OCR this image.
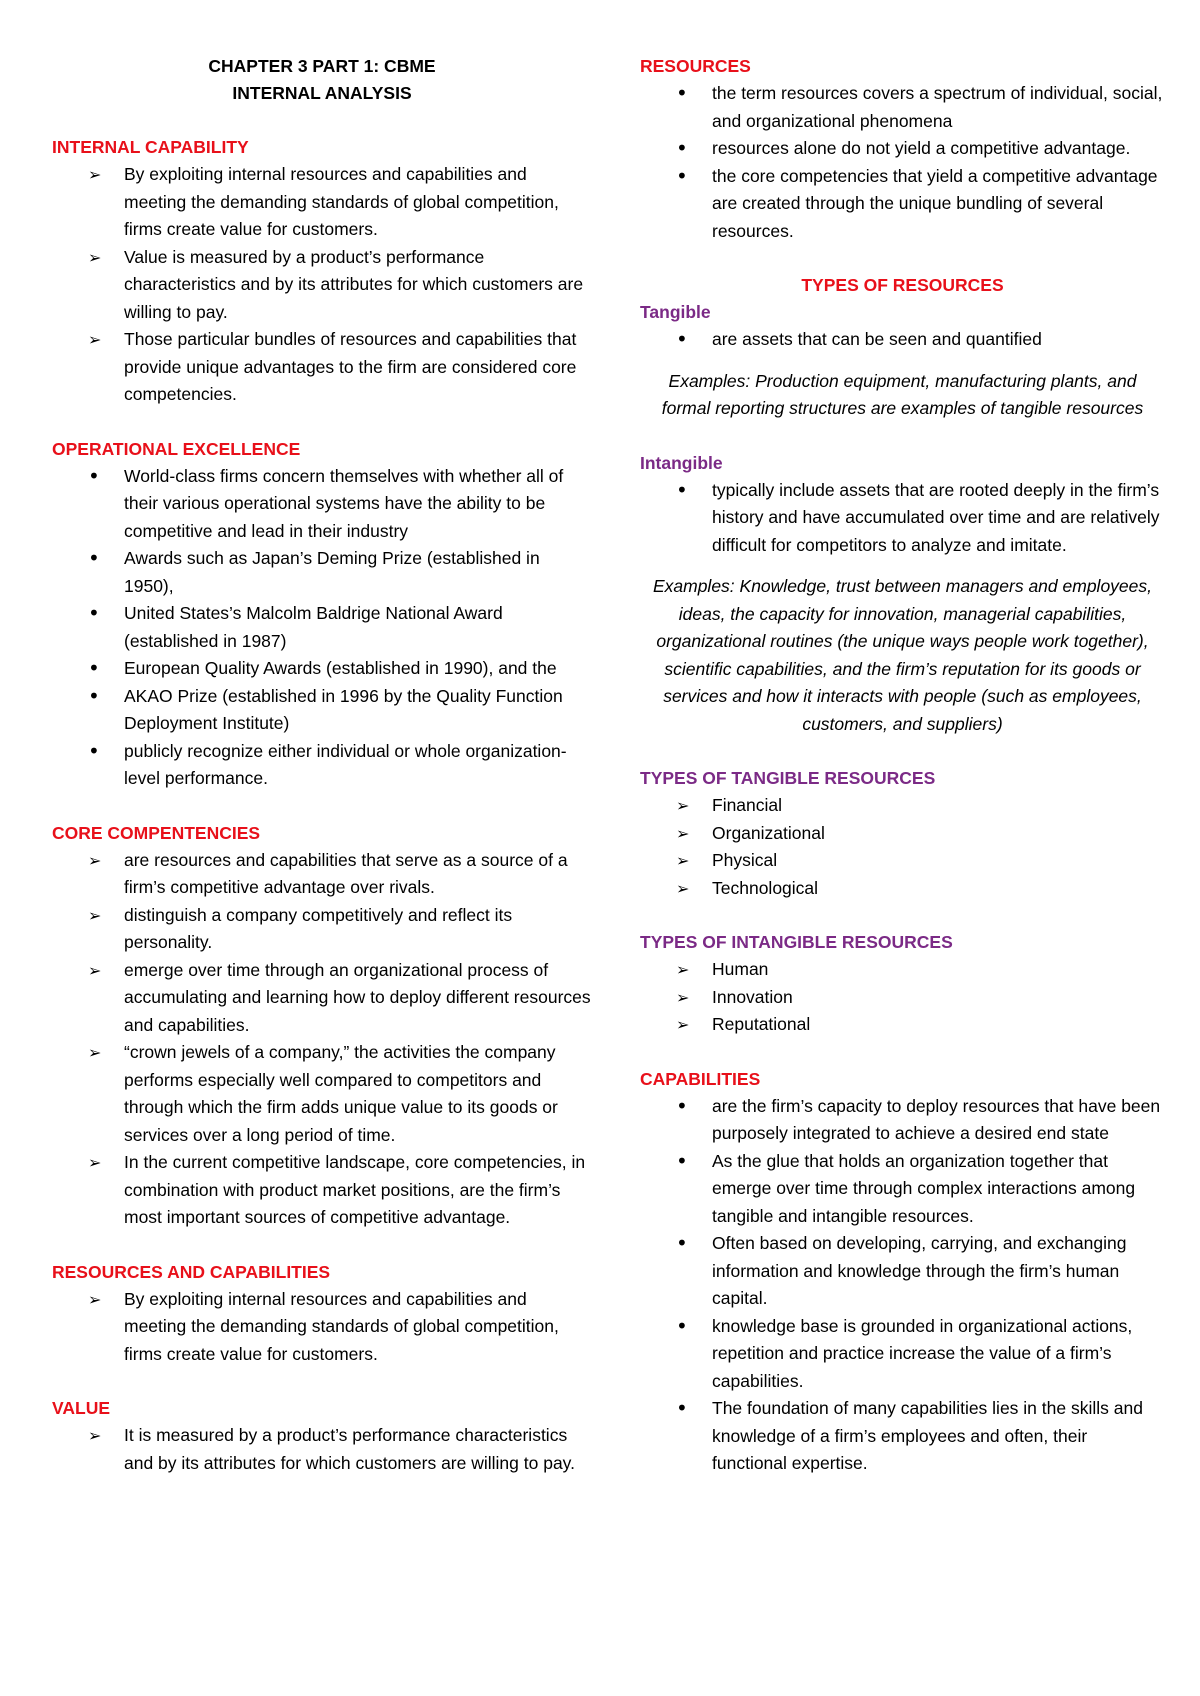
CHAPTER 3 PART 1: CBME

INTERNAL ANALYSIS

INTERNAL CAPABILITY

➢	By exploiting internal resources and capabilities and meeting the demanding standards of global competition, firms create value for customers.
➢	Value is measured by a product’s performance characteristics and by its attributes for which customers are willing to pay.
➢	Those particular bundles of resources and capabilities that provide unique advantages to the firm are considered core competencies.

OPERATIONAL EXCELLENCE

•	World-class firms concern themselves with whether all of their various operational systems have the ability to be competitive and lead in their industry
•	Awards such as Japan’s Deming Prize (established in 1950),
•	United States’s Malcolm Baldrige National Award (established in 1987)
•	European Quality Awards (established in 1990), and the
•	AKAO Prize (established in 1996 by the Quality Function Deployment Institute)
•	publicly recognize either individual or whole organization-level performance.

CORE COMPENTENCIES

➢	are resources and capabilities that serve as a source of a firm’s competitive advantage over rivals.
➢	distinguish a company competitively and reflect its personality.
➢	emerge over time through an organizational process of accumulating and learning how to deploy different resources and capabilities.
➢	“crown jewels of a company,” the activities the company performs especially well compared to competitors and through which the firm adds unique value to its goods or services over a long period of time.
➢	In the current competitive landscape, core competencies, in combination with product market positions, are the firm’s most important sources of competitive advantage.

RESOURCES AND CAPABILITIES

➢	By exploiting internal resources and capabilities and meeting the demanding standards of global competition, firms create value for customers.

VALUE

➢	It is measured by a product’s performance characteristics and by its attributes for which customers are willing to pay.

RESOURCES

•	the term resources covers a spectrum of individual, social, and organizational phenomena
•	resources alone do not yield a competitive advantage.
•	the core competencies that yield a competitive advantage are created through the unique bundling of several resources.

TYPES OF RESOURCES

Tangible

•	are assets that can be seen and quantified

Examples: Production equipment, manufacturing plants, and formal reporting structures are examples of tangible resources

Intangible

•	typically include assets that are rooted deeply in the firm’s history and have accumulated over time and are relatively difficult for competitors to analyze and imitate.

Examples: Knowledge, trust between managers and employees, ideas, the capacity for innovation, managerial capabilities, organizational routines (the unique ways people work together), scientific capabilities, and the firm’s reputation for its goods or services and how it interacts with people (such as employees, customers, and suppliers)

TYPES OF TANGIBLE RESOURCES

➢	Financial
➢	Organizational
➢	Physical
➢	Technological

TYPES OF INTANGIBLE RESOURCES

➢	Human
➢	Innovation
➢	Reputational

CAPABILITIES

•	are the firm’s capacity to deploy resources that have been purposely integrated to achieve a desired end state
•	As the glue that holds an organization together that emerge over time through complex interactions among tangible and intangible resources.
•	Often based on developing, carrying, and exchanging information and knowledge through the firm’s human capital.
•	knowledge base is grounded in organizational actions, repetition and practice increase the value of a firm’s capabilities.
•	The foundation of many capabilities lies in the skills and knowledge of a firm’s employees and often, their functional expertise.
